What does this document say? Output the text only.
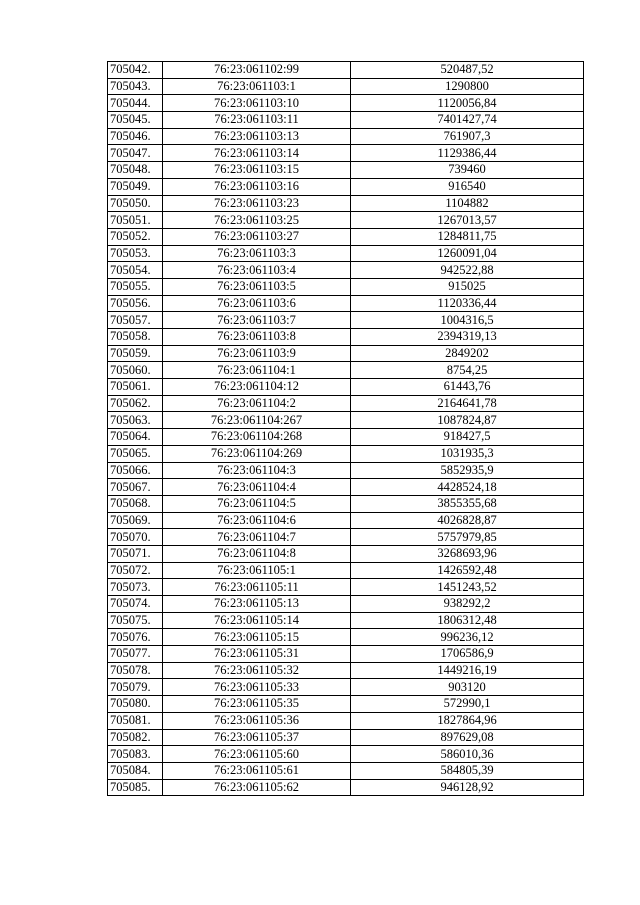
705042.	76:23:061102:99	520487,52
705043.	76:23:061103:1	1290800
705044.	76:23:061103:10	1120056,84
705045.	76:23:061103:11	7401427,74
705046.	76:23:061103:13	761907,3
705047.	76:23:061103:14	1129386,44
705048.	76:23:061103:15	739460
705049.	76:23:061103:16	916540
705050.	76:23:061103:23	1104882
705051.	76:23:061103:25	1267013,57
705052.	76:23:061103:27	1284811,75
705053.	76:23:061103:3	1260091,04
705054.	76:23:061103:4	942522,88
705055.	76:23:061103:5	915025
705056.	76:23:061103:6	1120336,44
705057.	76:23:061103:7	1004316,5
705058.	76:23:061103:8	2394319,13
705059.	76:23:061103:9	2849202
705060.	76:23:061104:1	8754,25
705061.	76:23:061104:12	61443,76
705062.	76:23:061104:2	2164641,78
705063.	76:23:061104:267	1087824,87
705064.	76:23:061104:268	918427,5
705065.	76:23:061104:269	1031935,3
705066.	76:23:061104:3	5852935,9
705067.	76:23:061104:4	4428524,18
705068.	76:23:061104:5	3855355,68
705069.	76:23:061104:6	4026828,87
705070.	76:23:061104:7	5757979,85
705071.	76:23:061104:8	3268693,96
705072.	76:23:061105:1	1426592,48
705073.	76:23:061105:11	1451243,52
705074.	76:23:061105:13	938292,2
705075.	76:23:061105:14	1806312,48
705076.	76:23:061105:15	996236,12
705077.	76:23:061105:31	1706586,9
705078.	76:23:061105:32	1449216,19
705079.	76:23:061105:33	903120
705080.	76:23:061105:35	572990,1
705081.	76:23:061105:36	1827864,96
705082.	76:23:061105:37	897629,08
705083.	76:23:061105:60	586010,36
705084.	76:23:061105:61	584805,39
705085.	76:23:061105:62	946128,92
